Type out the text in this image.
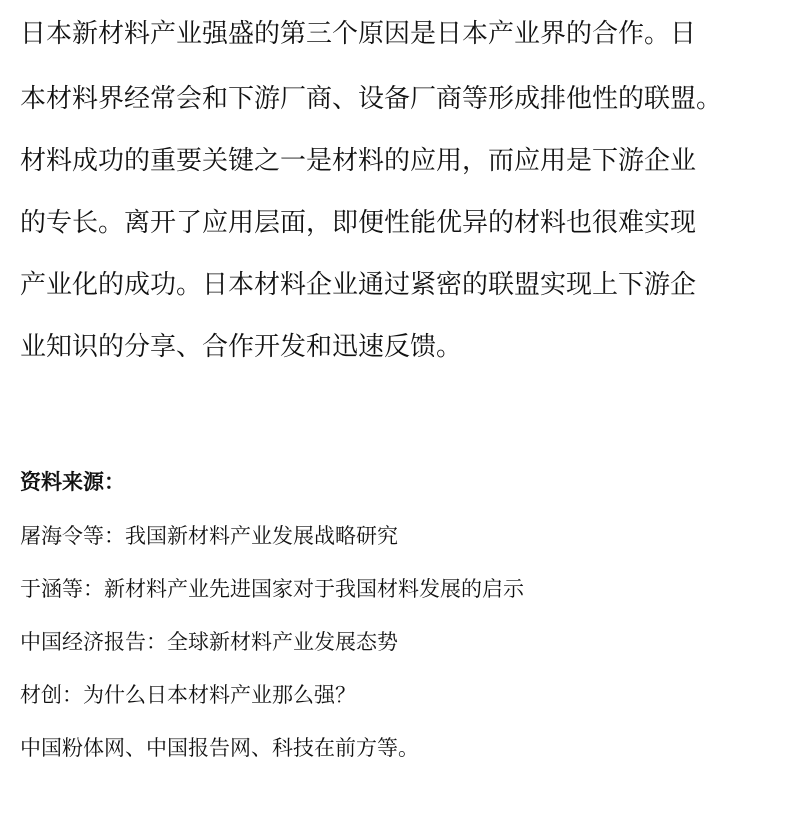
日本新材料产业强盛的第三个原因是日本产业界的合作。日
本材料界经常会和下游厂商、设备厂商等形成排他性的联盟。
材料成功的重要关键之一是材料的应用，而应用是下游企业
的专长。离开了应用层面，即便性能优异的材料也很难实现
产业化的成功。日本材料企业通过紧密的联盟实现上下游企
业知识的分享、合作开发和迅速反馈。
资料来源：
屠海令等：我国新材料产业发展战略研究
于涵等：新材料产业先进国家对于我国材料发展的启示
中国经济报告：全球新材料产业发展态势
材创：为什么日本材料产业那么强？
中国粉体网、中国报告网、科技在前方等。
